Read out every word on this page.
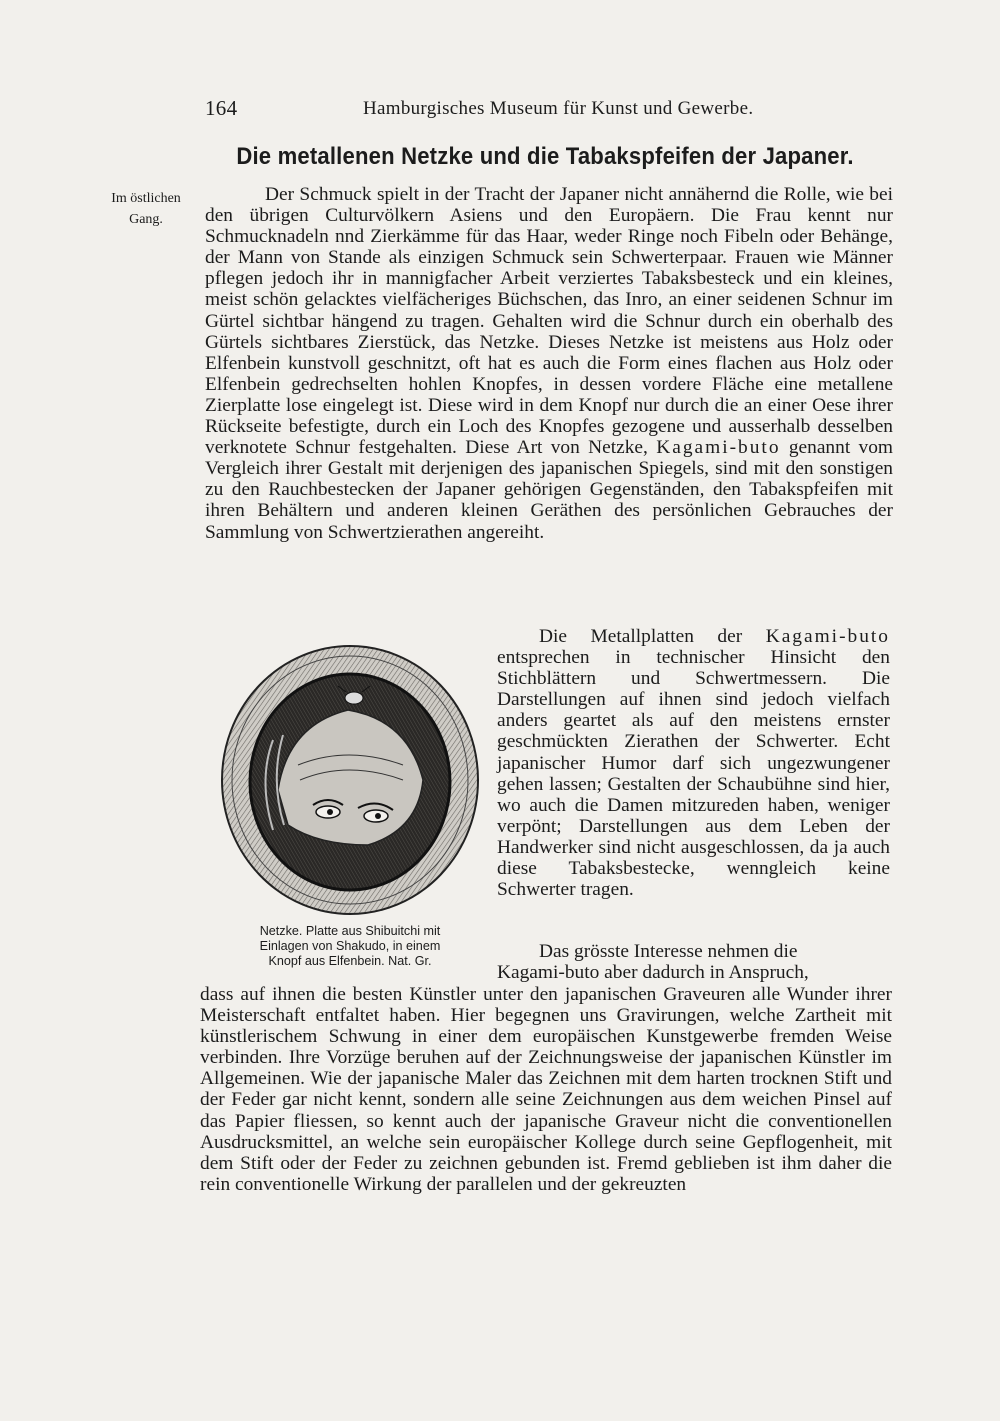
164	Hamburgisches Museum für Kunst und Gewerbe.
Die metallenen Netzke und die Tabakspfeifen der Japaner.
Im östlichen
Gang.

Der Schmuck spielt in der Tracht der Japaner nicht annähernd die Rolle, wie bei den übrigen Culturvölkern Asiens und den Europäern. Die Frau kennt nur Schmucknadeln nnd Zierkämme für das Haar, weder Ringe noch Fibeln oder Behänge, der Mann von Stande als einzigen Schmuck sein Schwerterpaar. Frauen wie Männer pflegen jedoch ihr in mannigfacher Arbeit verziertes Tabaksbesteck und ein kleines, meist schön gelacktes vielfächeriges Büchschen, das Inro, an einer seidenen Schnur im Gürtel sichtbar hängend zu tragen. Gehalten wird die Schnur durch ein oberhalb des Gürtels sichtbares Zierstück, das Netzke. Dieses Netzke ist meistens aus Holz oder Elfenbein kunstvoll geschnitzt, oft hat es auch die Form eines flachen aus Holz oder Elfenbein gedrechselten hohlen Knopfes, in dessen vordere Fläche eine metallene Zierplatte lose eingelegt ist. Diese wird in dem Knopf nur durch die an einer Oese ihrer Rückseite befestigte, durch ein Loch des Knopfes gezogene und ausserhalb desselben verknotete Schnur festgehalten. Diese Art von Netzke, Kagami-buto genannt vom Vergleich ihrer Gestalt mit derjenigen des japanischen Spiegels, sind mit den sonstigen zu den Rauchbestecken der Japaner gehörigen Gegenständen, den Tabakspfeifen mit ihren Behältern und anderen kleinen Geräthen des persönlichen Gebrauches der Sammlung von Schwertzierathen angereiht.

Die Metallplatten der Kagami-buto entsprechen in technischer Hinsicht den Stichblättern und Schwertmessern. Die Darstellungen auf ihnen sind jedoch vielfach anders geartet als auf den meistens ernster geschmückten Zierathen der Schwerter. Echt japanischer Humor darf sich ungezwungener gehen lassen; Gestalten der Schaubühne sind hier, wo auch die Damen mitzureden haben, weniger verpönt; Darstellungen aus dem Leben der Handwerker sind nicht ausgeschlossen, da ja auch diese Tabaksbestecke, wenngleich keine Schwerter tragen.

Netzke. Platte aus Shibuitchi mit
Einlagen von Shakudo, in einem
Knopf aus Elfenbein. Nat. Gr.	Das grösste Interesse nehmen die
Kagami-buto aber dadurch in Anspruch,

dass auf ihnen die besten Künstler unter den japanischen Graveuren alle Wunder ihrer Meisterschaft entfaltet haben. Hier begegnen uns Gravirungen, welche Zartheit mit künstlerischem Schwung in einer dem europäischen Kunstgewerbe fremden Weise verbinden. Ihre Vorzüge beruhen auf der Zeichnungsweise der japanischen Künstler im Allgemeinen. Wie der japanische Maler das Zeichnen mit dem harten trocknen Stift und der Feder gar nicht kennt, sondern alle seine Zeichnungen aus dem weichen Pinsel auf das Papier fliessen, so kennt auch der japanische Graveur nicht die conventionellen Ausdrucksmittel, an welche sein europäischer Kollege durch seine Gepflogenheit, mit dem Stift oder der Feder zu zeichnen gebunden ist. Fremd geblieben ist ihm daher die rein conventionelle Wirkung der parallelen und der gekreuzten
